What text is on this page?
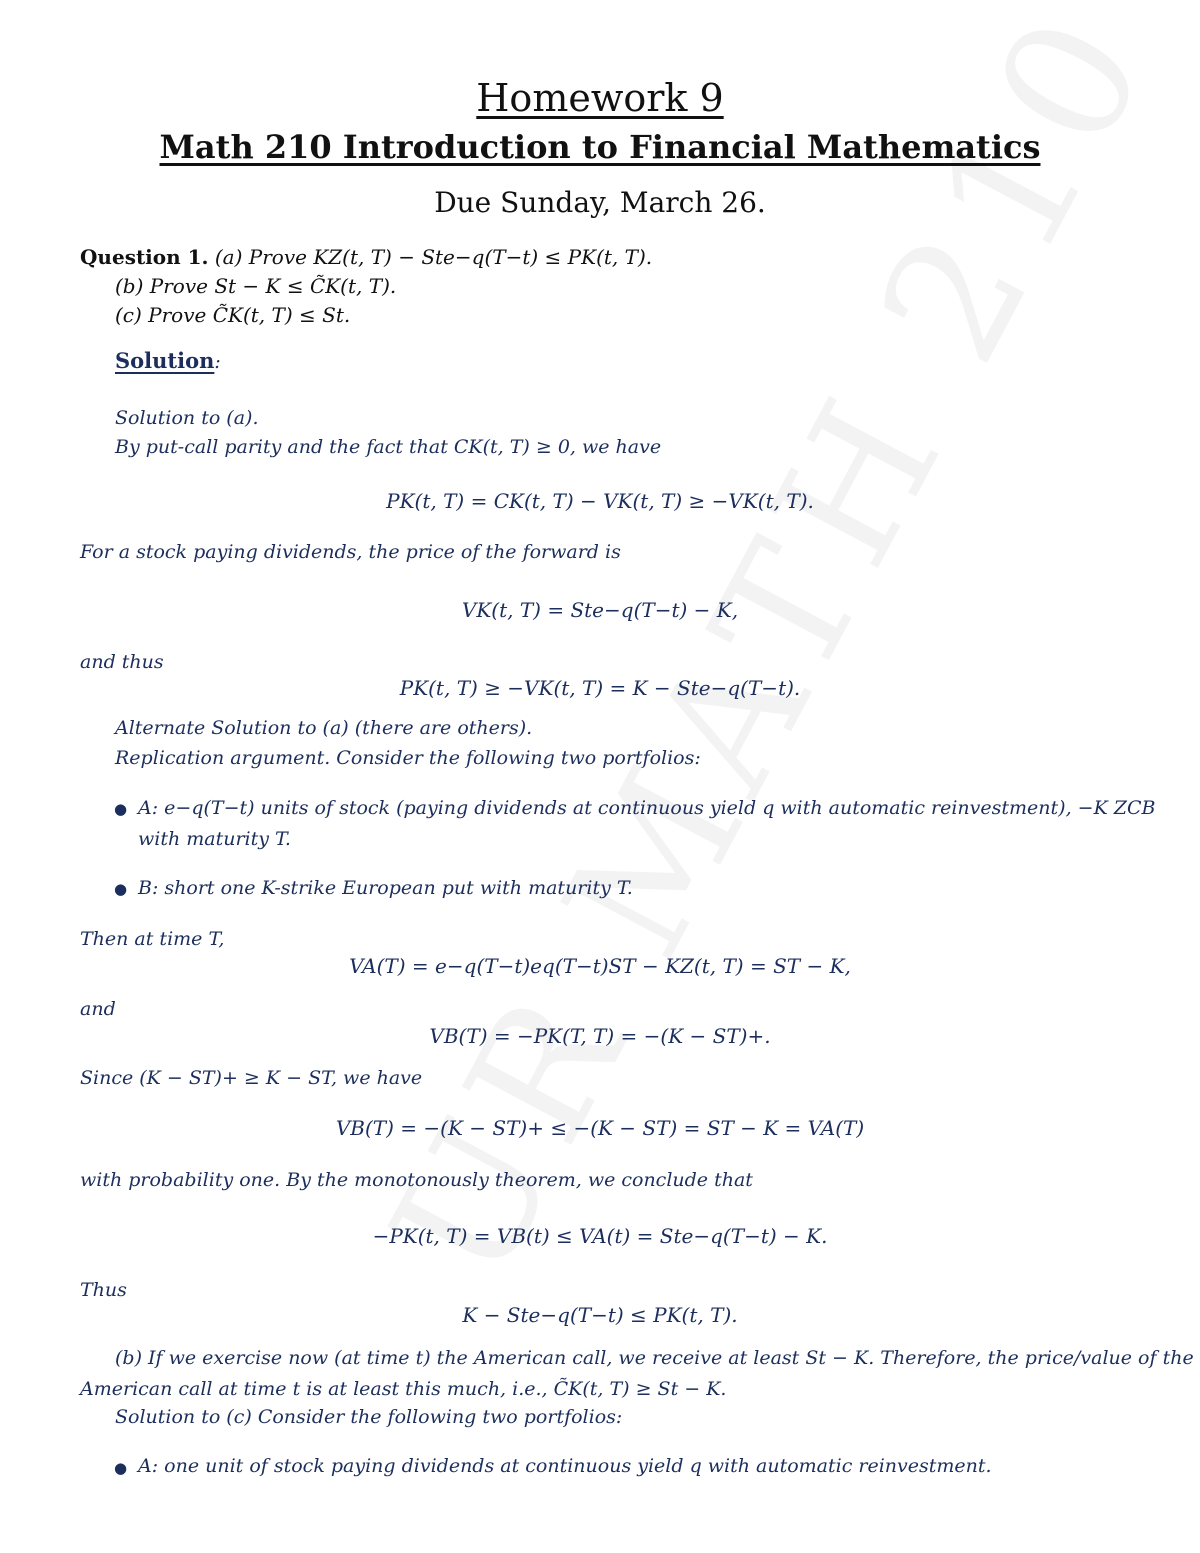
Homework 9
Math 210 Introduction to Financial Mathematics
Due Sunday, March 26.
Question 1. (a) Prove KZ(t, T) − Ste−q(T−t) ≤ PK(t, T).
(b) Prove St − K ≤ C̃K(t, T).
(c) Prove C̃K(t, T) ≤ St.
Solution:
Solution to (a).
By put-call parity and the fact that CK(t, T) ≥ 0, we have
PK(t, T) = CK(t, T) − VK(t, T) ≥ −VK(t, T).
For a stock paying dividends, the price of the forward is
VK(t, T) = Ste−q(T−t) − K,
and thus
PK(t, T) ≥ −VK(t, T) = K − Ste−q(T−t).
Alternate Solution to (a) (there are others).
Replication argument. Consider the following two portfolios:
● A: e−q(T−t) units of stock (paying dividends at continuous yield q with automatic reinvestment), −K ZCB
with maturity T.
● B: short one K-strike European put with maturity T.
Then at time T,
VA(T) = e−q(T−t)eq(T−t)ST − KZ(t, T) = ST − K,
and
VB(T) = −PK(T, T) = −(K − ST)+.
Since (K − ST)+ ≥ K − ST, we have
VB(T) = −(K − ST)+ ≤ −(K − ST) = ST − K = VA(T)
with probability one. By the monotonously theorem, we conclude that
−PK(t, T) = VB(t) ≤ VA(t) = Ste−q(T−t) − K.
Thus
K − Ste−q(T−t) ≤ PK(t, T).
(b) If we exercise now (at time t) the American call, we receive at least St − K. Therefore, the price/value of the
American call at time t is at least this much, i.e., C̃K(t, T) ≥ St − K.
Solution to (c) Consider the following two portfolios:
● A: one unit of stock paying dividends at continuous yield q with automatic reinvestment.
